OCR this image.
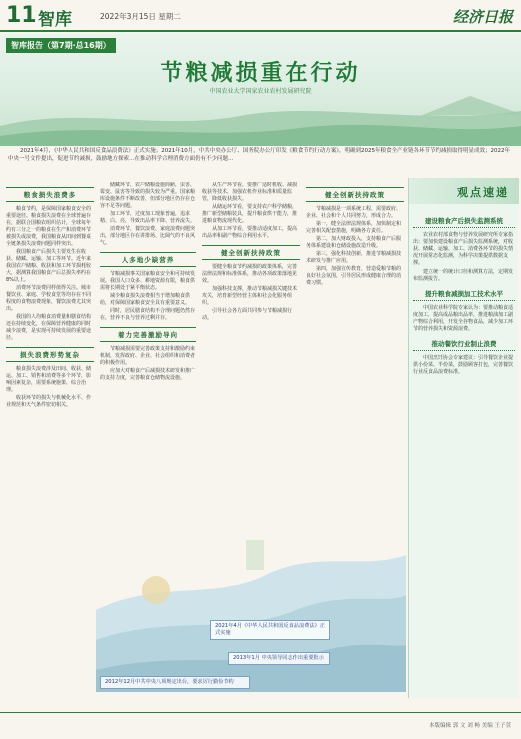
11 智库	2022年3月15日 星期二	经济日报
智库报告（第7期·总16期）
节粮减损重在行动
中国农业大学国家农业农村发展研究院
2021年4月，《中华人民共和国反食品浪费法》正式实施；2021年10月，中共中央办公厅、国务院办公厅印发《粮食节约行动方案》，明确到2025年粮食全产业链各环节节约减损取得明显成效；2022年中央一号文件提出，促进节约减损，鼓励地方探索…在推动科学合理消费方面仍有不少问题…
粮食损失浪费多

粮食节约，是保障国家粮食安全的重要途径。粮食损失浪费在全球普遍存在，据联合国粮农组织估计，全球每年约有三分之一的粮食在生产和消费环节被损失或浪费，我国粮食从田间到餐桌全链条损失浪费问题同样突出。

我国粮食产后损失主要发生在收获、储藏、运输、加工等环节。近年来我国农户储粮、收获和加工环节损耗较大，据测算我国粮食产后总损失率约在8%以上。

消费环节浪费同样值得关注。城市餐饮业、家庭、学校食堂等均存在不同程度的食物浪费现象，餐饮浪费尤其突出。

我国的人均粮食消费量和膳食结构还在持续变化，在保障营养健康的同时减少浪费，是实现可持续发展的重要途径。

损失浪费形势复杂

粮食损失浪费涉及田间、收获、储运、加工、销售和消费等多个环节，影响因素复杂，需要系统施策、综合治理。

收获环节的损失与机械化水平、作业规范和天气条件密切相关。

储藏环节，农户储粮设施简陋，虫害、霉变、鼠害等导致的损失较为严重。国家粮库设施条件不断改善，但部分地区仍存在仓容不足等问题。

加工环节，过度加工现象普遍，追求精、白、亮，导致出品率下降、营养流失。

消费环节，餐饮浪费、家庭浪费问题突出，部分地区存在讲排场、比阔气的不良风气。

人多地少缺营养

节粮减损事关国家粮食安全和可持续发展。我国人口众多、耕地资源有限，粮食供需将长期处于紧平衡状态。

减少粮食损失浪费相当于增加粮食供给，对保障国家粮食安全具有重要意义。

同时，居民膳食结构不合理问题仍然存在，营养不良与营养过剩并存。

着力完善激励导向

节粮减损需要完善政策支持和激励约束机制，发挥政府、企业、社会组织和消费者的积极作用。

应加大对粮食产后减损技术研发和推广的支持力度，完善粮食仓储物流设施。

从生产环节看，要推广适时机收、减损收获等技术，加强农机作业标准和质量监管，降低收获损失。

从储运环节看，要支持农户科学储粮，推广新型储粮装具，提升粮食烘干能力，推进粮食物流现代化。

从加工环节看，要推动适度加工，提高出品率和副产物综合利用水平。

健全创新扶持政策

要健全粮食节约减损的政策体系，完善法律法规和标准体系，推动各项政策落地见效。

加强科技支撑，推动节粮减损关键技术攻关，培育新型经营主体和社会化服务组织。

引导社会各方面共同参与节粮减损行动。

健全创新扶持政策

节粮减损是一项系统工程，需要政府、企业、社会和个人共同努力，形成合力。

第一，健全法律法规体系，加快制定和完善相关配套措施，明确各方责任。

第二，加大财政投入，支持粮食产后服务体系建设和仓储设施改造升级。

第三，强化科技创新，推进节粮减损技术研发与推广应用。

第四，加强宣传教育，营造爱粮节粮的良好社会氛围，引导居民形成健康合理的消费习惯。

观点速递
建设粮食产后损失监测系统

农业农村部食物与营养发展研究所专家指出：要加快建设粮食产后损失监测系统，对收获、储藏、运输、加工、消费各环节的损失情况开展常态化监测，为科学决策提供数据支撑。

建立统一的统计口径和测算方法，定期发布监测报告。

提升粮食减损加工技术水平

中国农业科学院专家认为：要推动粮食适度加工，提高成品粮出品率，推进粮油加工副产物综合利用，开发全谷物食品，减少加工环节的营养损失和资源浪费。

推动餐饮行业制止浪费

中国烹饪协会专家建议：引导餐饮企业提供小份菜、半份菜，鼓励顾客打包，完善餐饮行业反食品浪费标准。

2021年4月《中华人民共和国反食品浪费法》正式实施
2013年1月 中央领导同志作出重要批示
2012年12月中共中央八项规定出台，要求厉行勤俭节约
本版编辑 郭 文 刘 畅 美编 王子萱
